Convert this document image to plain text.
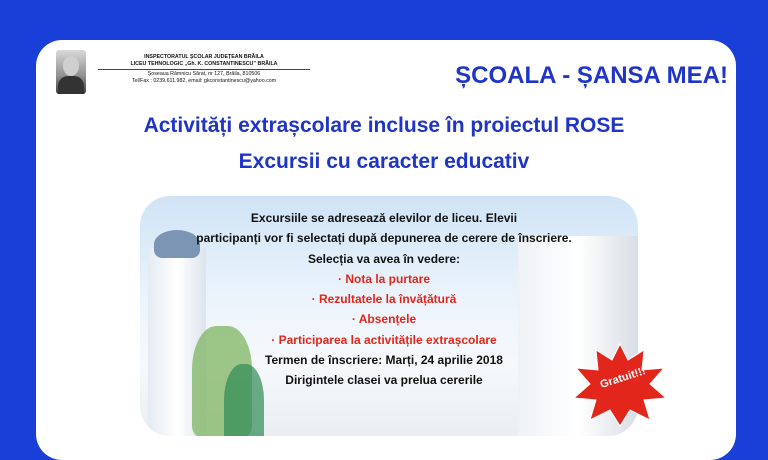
INSPECTORATUL ȘCOLAR JUDEȚEAN BRĂILA
LICEU TEHNOLOGIC „Gh. K. CONSTANTINESCU” BRĂILA
Șoseaua Râmnicu Sărat, nr 127, Brăila, 810506
Tel/Fax : 0239.611.982, email: gkconstantinescu@yahoo.com	ȘCOALA - ȘANSA MEA!
Activități extrașcolare incluse în proiectul ROSE
Excursii cu caracter educativ
Excursiile se adresează elevilor de liceu. Elevii
participanți vor fi selectați după depunerea de cerere de înscriere.
Selecția va avea în vedere:
· Nota la purtare
· Rezultatele la învățătură
· Absențele
· Participarea la activitățile extrașcolare
Termen de înscriere: Marți, 24 aprilie 2018
Dirigintele clasei va prelua cererile	Gratuit!!!
